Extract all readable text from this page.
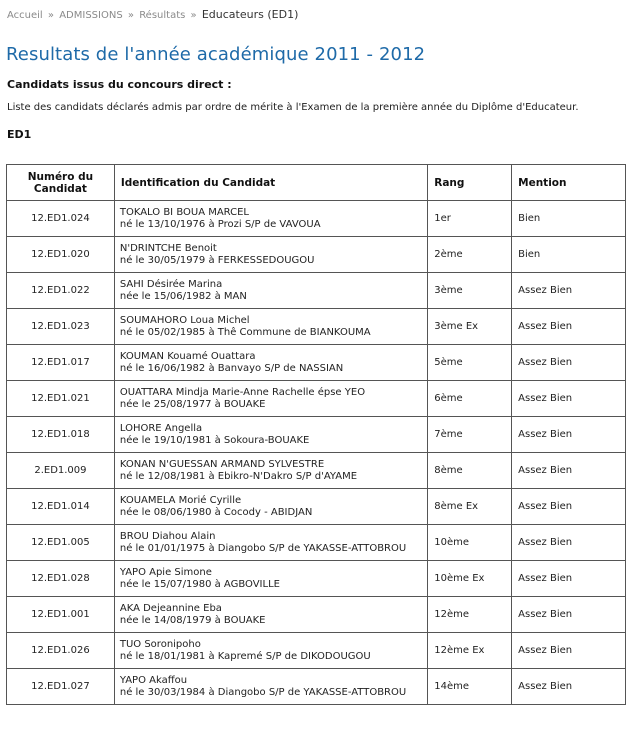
Accueil » ADMISSIONS » Résultats » Educateurs (ED1)
Resultats de l'année académique 2011 - 2012
Candidats issus du concours direct :
Liste des candidats déclarés admis par ordre de mérite à l'Examen de la première année du Diplôme d'Educateur.
ED1
Numéro du
Candidat	Identification du Candidat	Rang	Mention
12.ED1.024	TOKALO BI BOUA MARCEL
né le 13/10/1976 à Prozi S/P de VAVOUA	1er	Bien
12.ED1.020	N'DRINTCHE Benoit
né le 30/05/1979 à FERKESSEDOUGOU	2ème	Bien
12.ED1.022	SAHI Désirée Marina
née le 15/06/1982 à MAN	3ème	Assez Bien
12.ED1.023	SOUMAHORO Loua Michel
né le 05/02/1985 à Thê Commune de BIANKOUMA	3ème Ex	Assez Bien
12.ED1.017	KOUMAN Kouamé Ouattara
né le 16/06/1982 à Banvayo S/P de NASSIAN	5ème	Assez Bien
12.ED1.021	OUATTARA Mindja Marie-Anne Rachelle épse YEO
née le 25/08/1977 à BOUAKE	6ème	Assez Bien
12.ED1.018	LOHORE Angella
née le 19/10/1981 à Sokoura-BOUAKE	7ème	Assez Bien
2.ED1.009	KONAN N'GUESSAN ARMAND SYLVESTRE
né le 12/08/1981 à Ebikro-N'Dakro S/P d'AYAME	8ème	Assez Bien
12.ED1.014	KOUAMELA Morié Cyrille
née le 08/06/1980 à Cocody - ABIDJAN	8ème Ex	Assez Bien
12.ED1.005	BROU Diahou Alain
né le 01/01/1975 à Diangobo S/P de YAKASSE-ATTOBROU	10ème	Assez Bien
12.ED1.028	YAPO Apie Simone
née le 15/07/1980 à AGBOVILLE	10ème Ex	Assez Bien
12.ED1.001	AKA Dejeannine Eba
née le 14/08/1979 à BOUAKE	12ème	Assez Bien
12.ED1.026	TUO Soronipoho
né le 18/01/1981 à Kapremé S/P de DIKODOUGOU	12ème Ex	Assez Bien
12.ED1.027	YAPO Akaffou
né le 30/03/1984 à Diangobo S/P de YAKASSE-ATTOBROU	14ème	Assez Bien
